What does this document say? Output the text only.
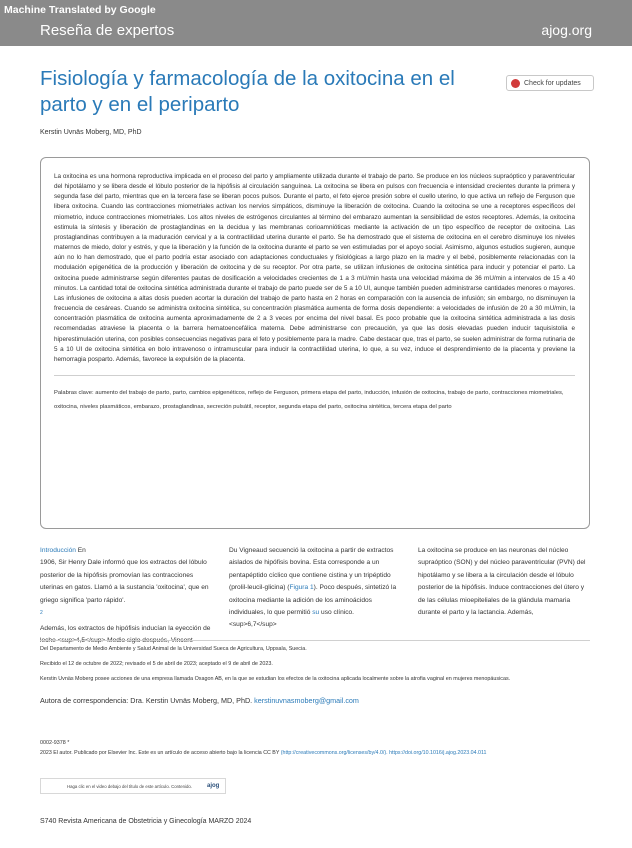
Machine Translated by Google
Reseña de expertos	ajog.org
Fisiología y farmacología de la oxitocina en el parto y en el periparto
Check for updates
Kerstin Uvnäs Moberg, MD, PhD

La oxitocina es una hormona reproductiva implicada en el proceso del parto y ampliamente utilizada durante el trabajo de parto. Se produce en los núcleos supraóptico y paraventricular del hipotálamo y se libera desde el lóbulo posterior de la hipófisis al circulación sanguínea. La oxitocina se libera en pulsos con frecuencia e intensidad crecientes durante la primera y segunda fase del parto, mientras que en la tercera fase se liberan pocos pulsos. Durante el parto, el feto ejerce presión sobre el cuello uterino, lo que activa un reflejo de Ferguson que libera oxitocina. Cuando las contracciones miometriales activan los nervios simpáticos, disminuye la liberación de oxitocina. Cuando la oxitocina se une a receptores específicos del miometrio, induce contracciones miometriales. Los altos niveles de estrógenos circulantes al término del embarazo aumentan la sensibilidad de estos receptores. Además, la oxitocina estimula la síntesis y liberación de prostaglandinas en la decidua y las membranas corioamnióticas mediante la activación de un tipo específico de receptor de oxitocina. Las prostaglandinas contribuyen a la maduración cervical y a la contractilidad uterina durante el parto. Se ha demostrado que el sistema de oxitocina en el cerebro disminuye los niveles maternos de miedo, dolor y estrés, y que la liberación y la función de la oxitocina durante el parto se ven estimuladas por el apoyo social. Asimismo, algunos estudios sugieren, aunque aún no lo han demostrado, que el parto podría estar asociado con adaptaciones conductuales y fisiológicas a largo plazo en la madre y el bebé, posiblemente relacionadas con la modulación epigenética de la producción y liberación de oxitocina y de su receptor. Por otra parte, se utilizan infusiones de oxitocina sintética para inducir y potenciar el parto. La oxitocina puede administrarse según diferentes pautas de dosificación a velocidades crecientes de 1 a 3 mU/min hasta una velocidad máxima de 36 mU/min a intervalos de 15 a 40 minutos. La cantidad total de oxitocina sintética administrada durante el trabajo de parto puede ser de 5 a 10 UI, aunque también pueden administrarse cantidades menores o mayores. Las infusiones de oxitocina a altas dosis pueden acortar la duración del trabajo de parto hasta en 2 horas en comparación con la ausencia de infusión; sin embargo, no disminuyen la frecuencia de cesáreas. Cuando se administra oxitocina sintética, su concentración plasmática aumenta de forma dosis dependiente: a velocidades de infusión de 20 a 30 mU/min, la concentración plasmática de oxitocina aumenta aproximadamente de 2 a 3 veces por encima del nivel basal. Es poco probable que la oxitocina sintética administrada a las dosis recomendadas atraviese la placenta o la barrera hematoencefálica materna. Debe administrarse con precaución, ya que las dosis elevadas pueden inducir taquisistolia e hiperestimulación uterina, con posibles consecuencias negativas para el feto y posiblemente para la madre. Cabe destacar que, tras el parto, se suelen administrar de forma rutinaria de 5 a 10 UI de oxitocina sintética en bolo intravenoso o intramuscular para inducir la contractilidad uterina, lo que, a su vez, induce el desprendimiento de la placenta y previene la hemorragia posparto. Además, favorece la expulsión de la placenta.

Palabras clave: aumento del trabajo de parto, parto, cambios epigenéticos, reflejo de Ferguson, primera etapa del parto, inducción, infusión de oxitocina, trabajo de parto, contracciones miometriales, oxitocina, niveles plasmáticos, embarazo, prostaglandinas, secreción pulsátil, receptor, segunda etapa del parto, oxitocina sintética, tercera etapa del parto

Introducción En

1906, Sir Henry Dale informó que los extractos del lóbulo posterior de la hipófisis promovían las contracciones uterinas en gatos. Llamó a la sustancia 'oxitocina', que en griego significa 'parto rápido'.

$^2$

Además, los extractos de hipófisis inducían la eyección de

Du Vigneaud secuenció la oxitocina a partir de extractos aislados de hipófisis bovina. Esta corresponde a un pentapéptido cíclico que contiene cistina y un tripéptido (prolil-leucil-glicina) (Figura 1). Poco después, sintetizó la oxitocina mediante la adición de los aminoácidos individuales, lo que permitió su uso clínico. <sup>6,7</sup>

La oxitocina se produce en las neuronas del núcleo supraóptico (SON) y del núcleo paraventricular (PVN) del hipotálamo y se libera a la circulación desde el lóbulo posterior de la hipófisis. Induce contracciones del útero y de las células mioepiteliales de la glándula mamaria durante el parto y la lactancia. Además,

Del Departamento de Medio Ambiente y Salud Animal de la Universidad Sueca de Agricultura, Uppsala, Suecia.
Recibido el 12 de octubre de 2022; revisado el 5 de abril de 2023; aceptado el 9 de abril de 2023.
Kerstin Uvnäs Moberg posee acciones de una empresa llamada Oxagon AB, en la que se estudian los efectos de la oxitocina aplicada localmente sobre la atrofia vaginal en mujeres menopáusicas.
Autora de correspondencia: Dra. Kerstin Uvnäs Moberg, MD, PhD. kerstinuvnasmoberg@gmail.com
0002-9378 *
2023 El autor. Publicado por Elsevier Inc. Este es un artículo de acceso abierto bajo la licencia CC BY (http://creativecommons.org/licenses/by/4.0/). https://doi.org/10.1016/j.ajog.2023.04.011
Haga clic en el video debajo del título de este artículo. Contenido.	ajog
S740 Revista Americana de Obstetricia y Ginecología MARZO 2024
